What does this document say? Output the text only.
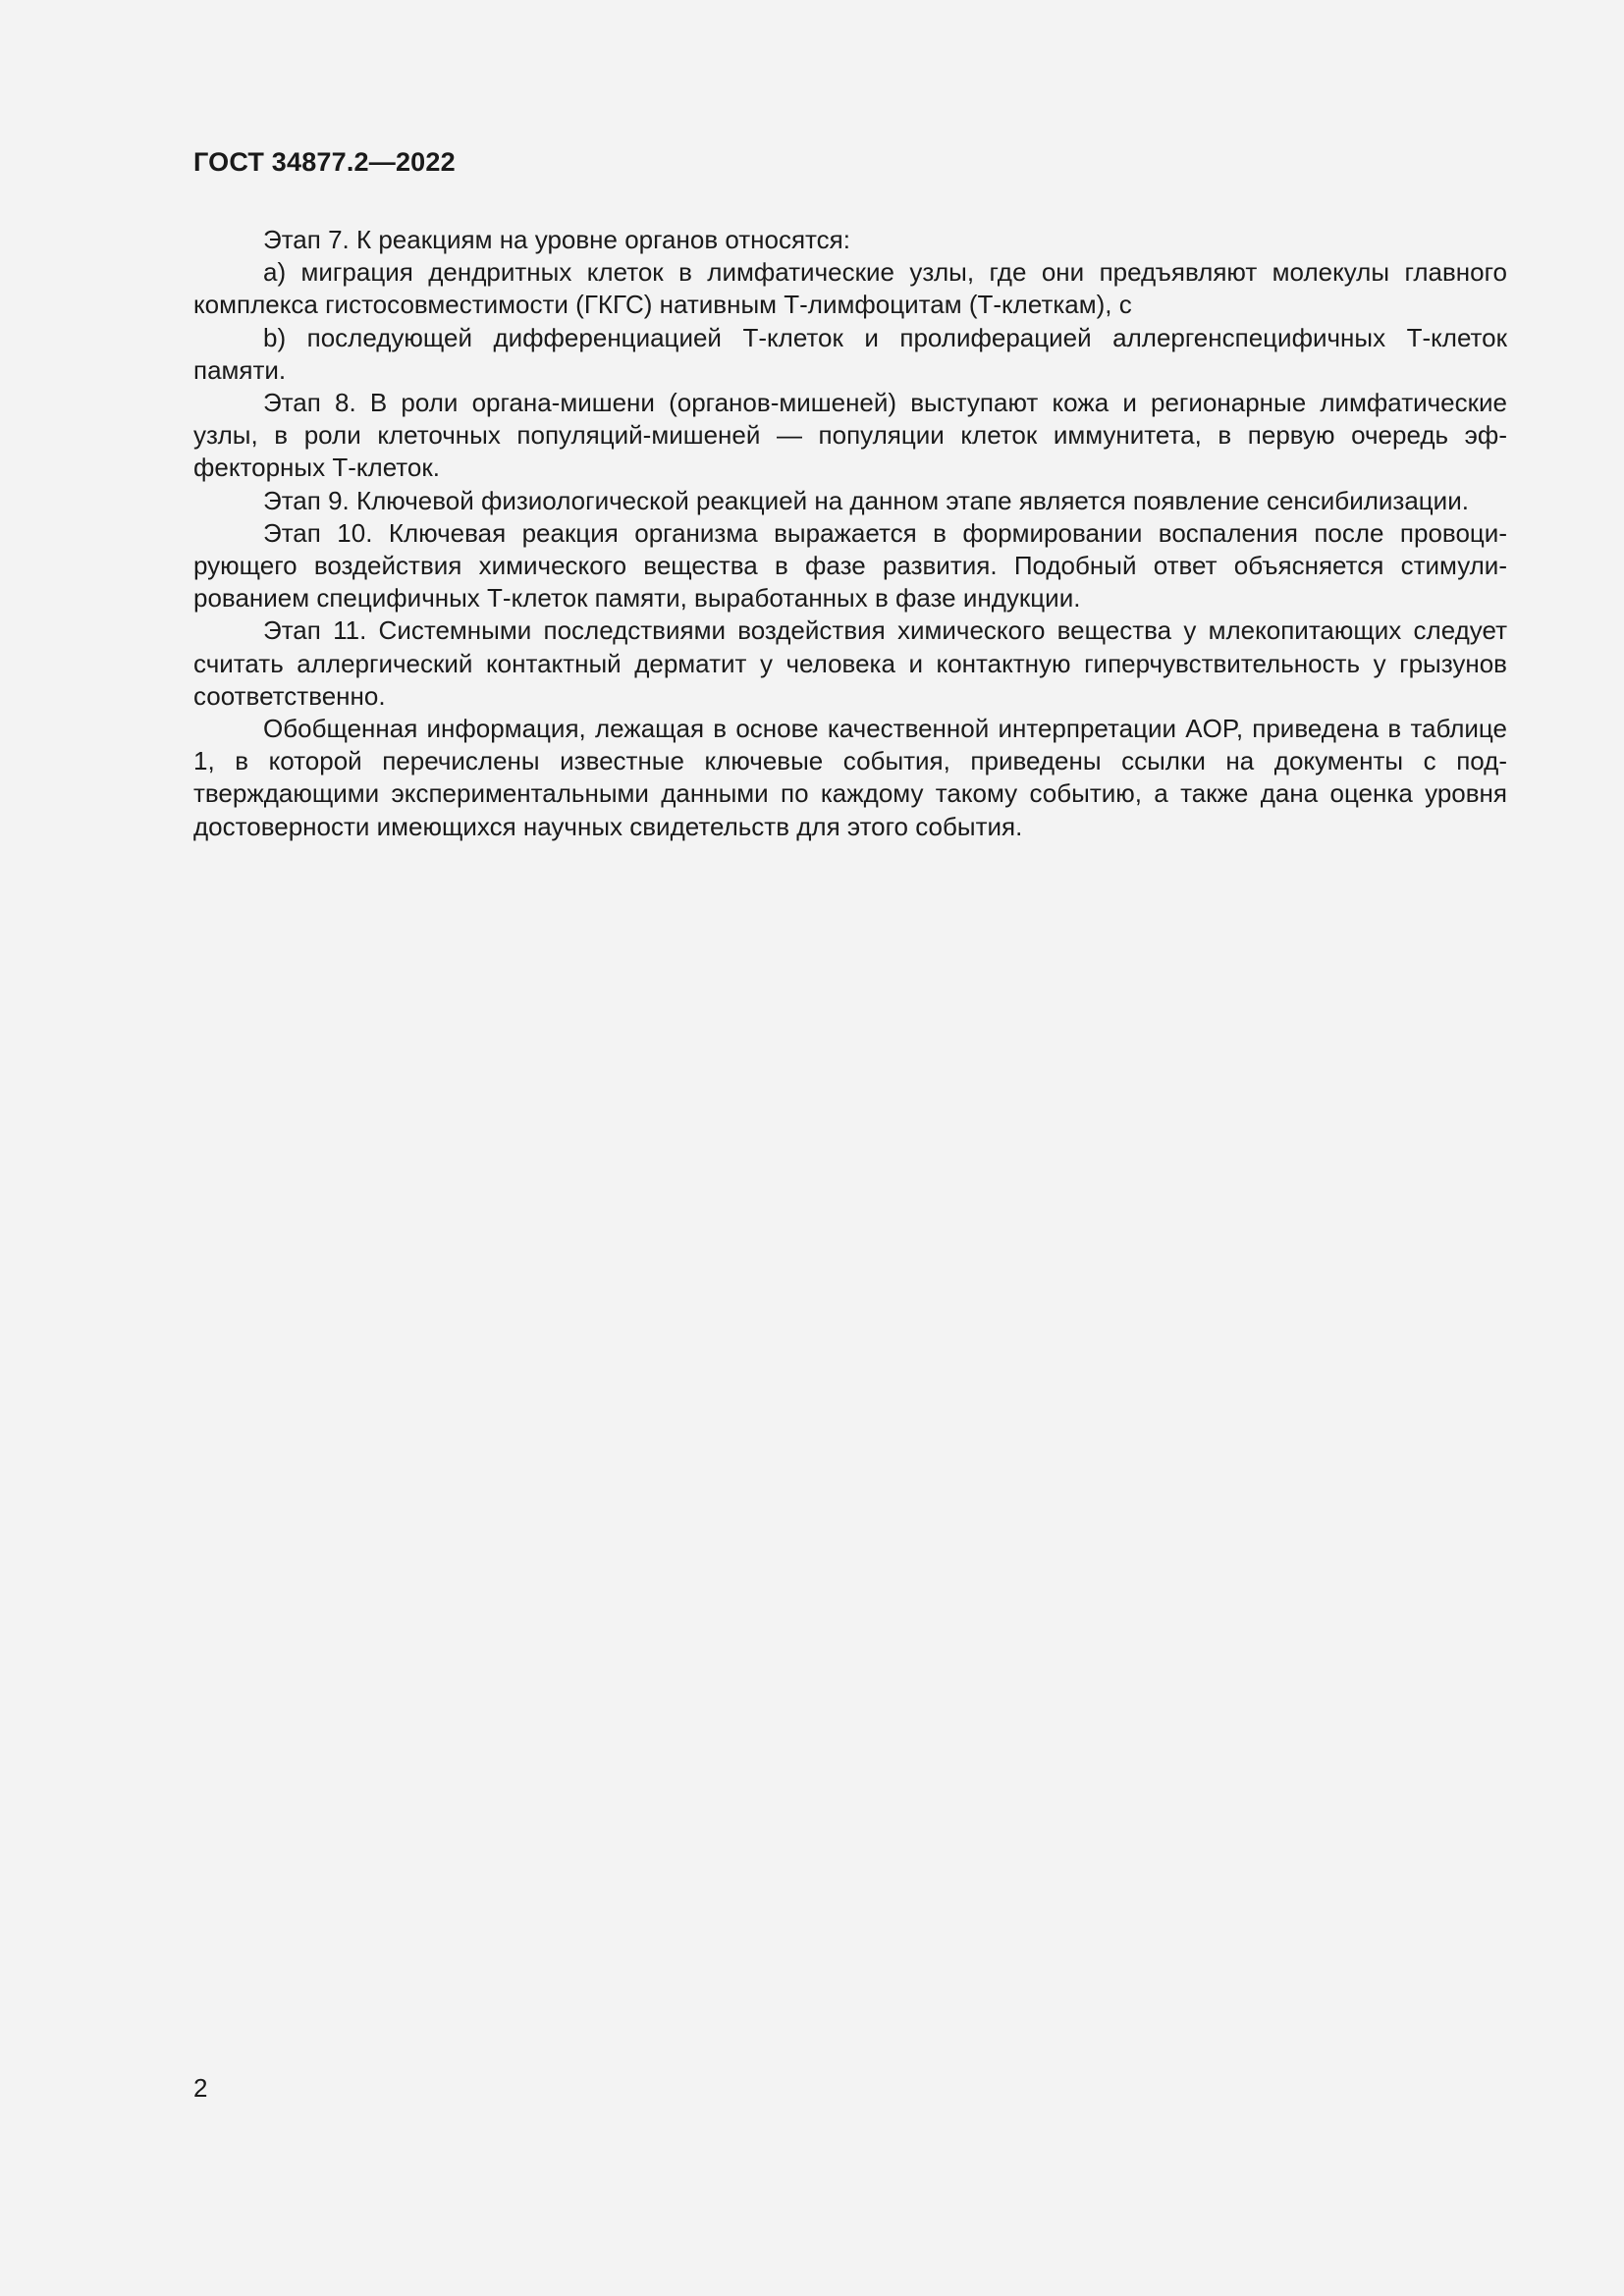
ГОСТ 34877.2—2022

Этап 7. К реакциям на уровне органов относятся:

a) миграция дендритных клеток в лимфатические узлы, где они предъявляют молекулы главного комплекса гистосовместимости (ГКГС) нативным Т-лимфоцитам (Т-клеткам), с

b) последующей дифференциацией Т-клеток и пролиферацией аллергенспецифичных Т-клеток памяти.

Этап 8. В роли органа-мишени (органов-мишеней) выступают кожа и регионарные лимфатические узлы, в роли клеточных популяций-мишеней — популяции клеток иммунитета, в первую очередь эффекторных Т-клеток.

Этап 9. Ключевой физиологической реакцией на данном этапе является появление сенсибилизации.

Этап 10. Ключевая реакция организма выражается в формировании воспаления после провоцирующего воздействия химического вещества в фазе развития. Подобный ответ объясняется стимулированием специфичных Т-клеток памяти, выработанных в фазе индукции.

Этап 11. Системными последствиями воздействия химического вещества у млекопитающих следует считать аллергический контактный дерматит у человека и контактную гиперчувствительность у грызунов соответственно.

Обобщенная информация, лежащая в основе качественной интерпретации AOP, приведена в таблице 1, в которой перечислены известные ключевые события, приведены ссылки на документы с подтверждающими экспериментальными данными по каждому такому событию, а также дана оценка уровня достоверности имеющихся научных свидетельств для этого события.

2
